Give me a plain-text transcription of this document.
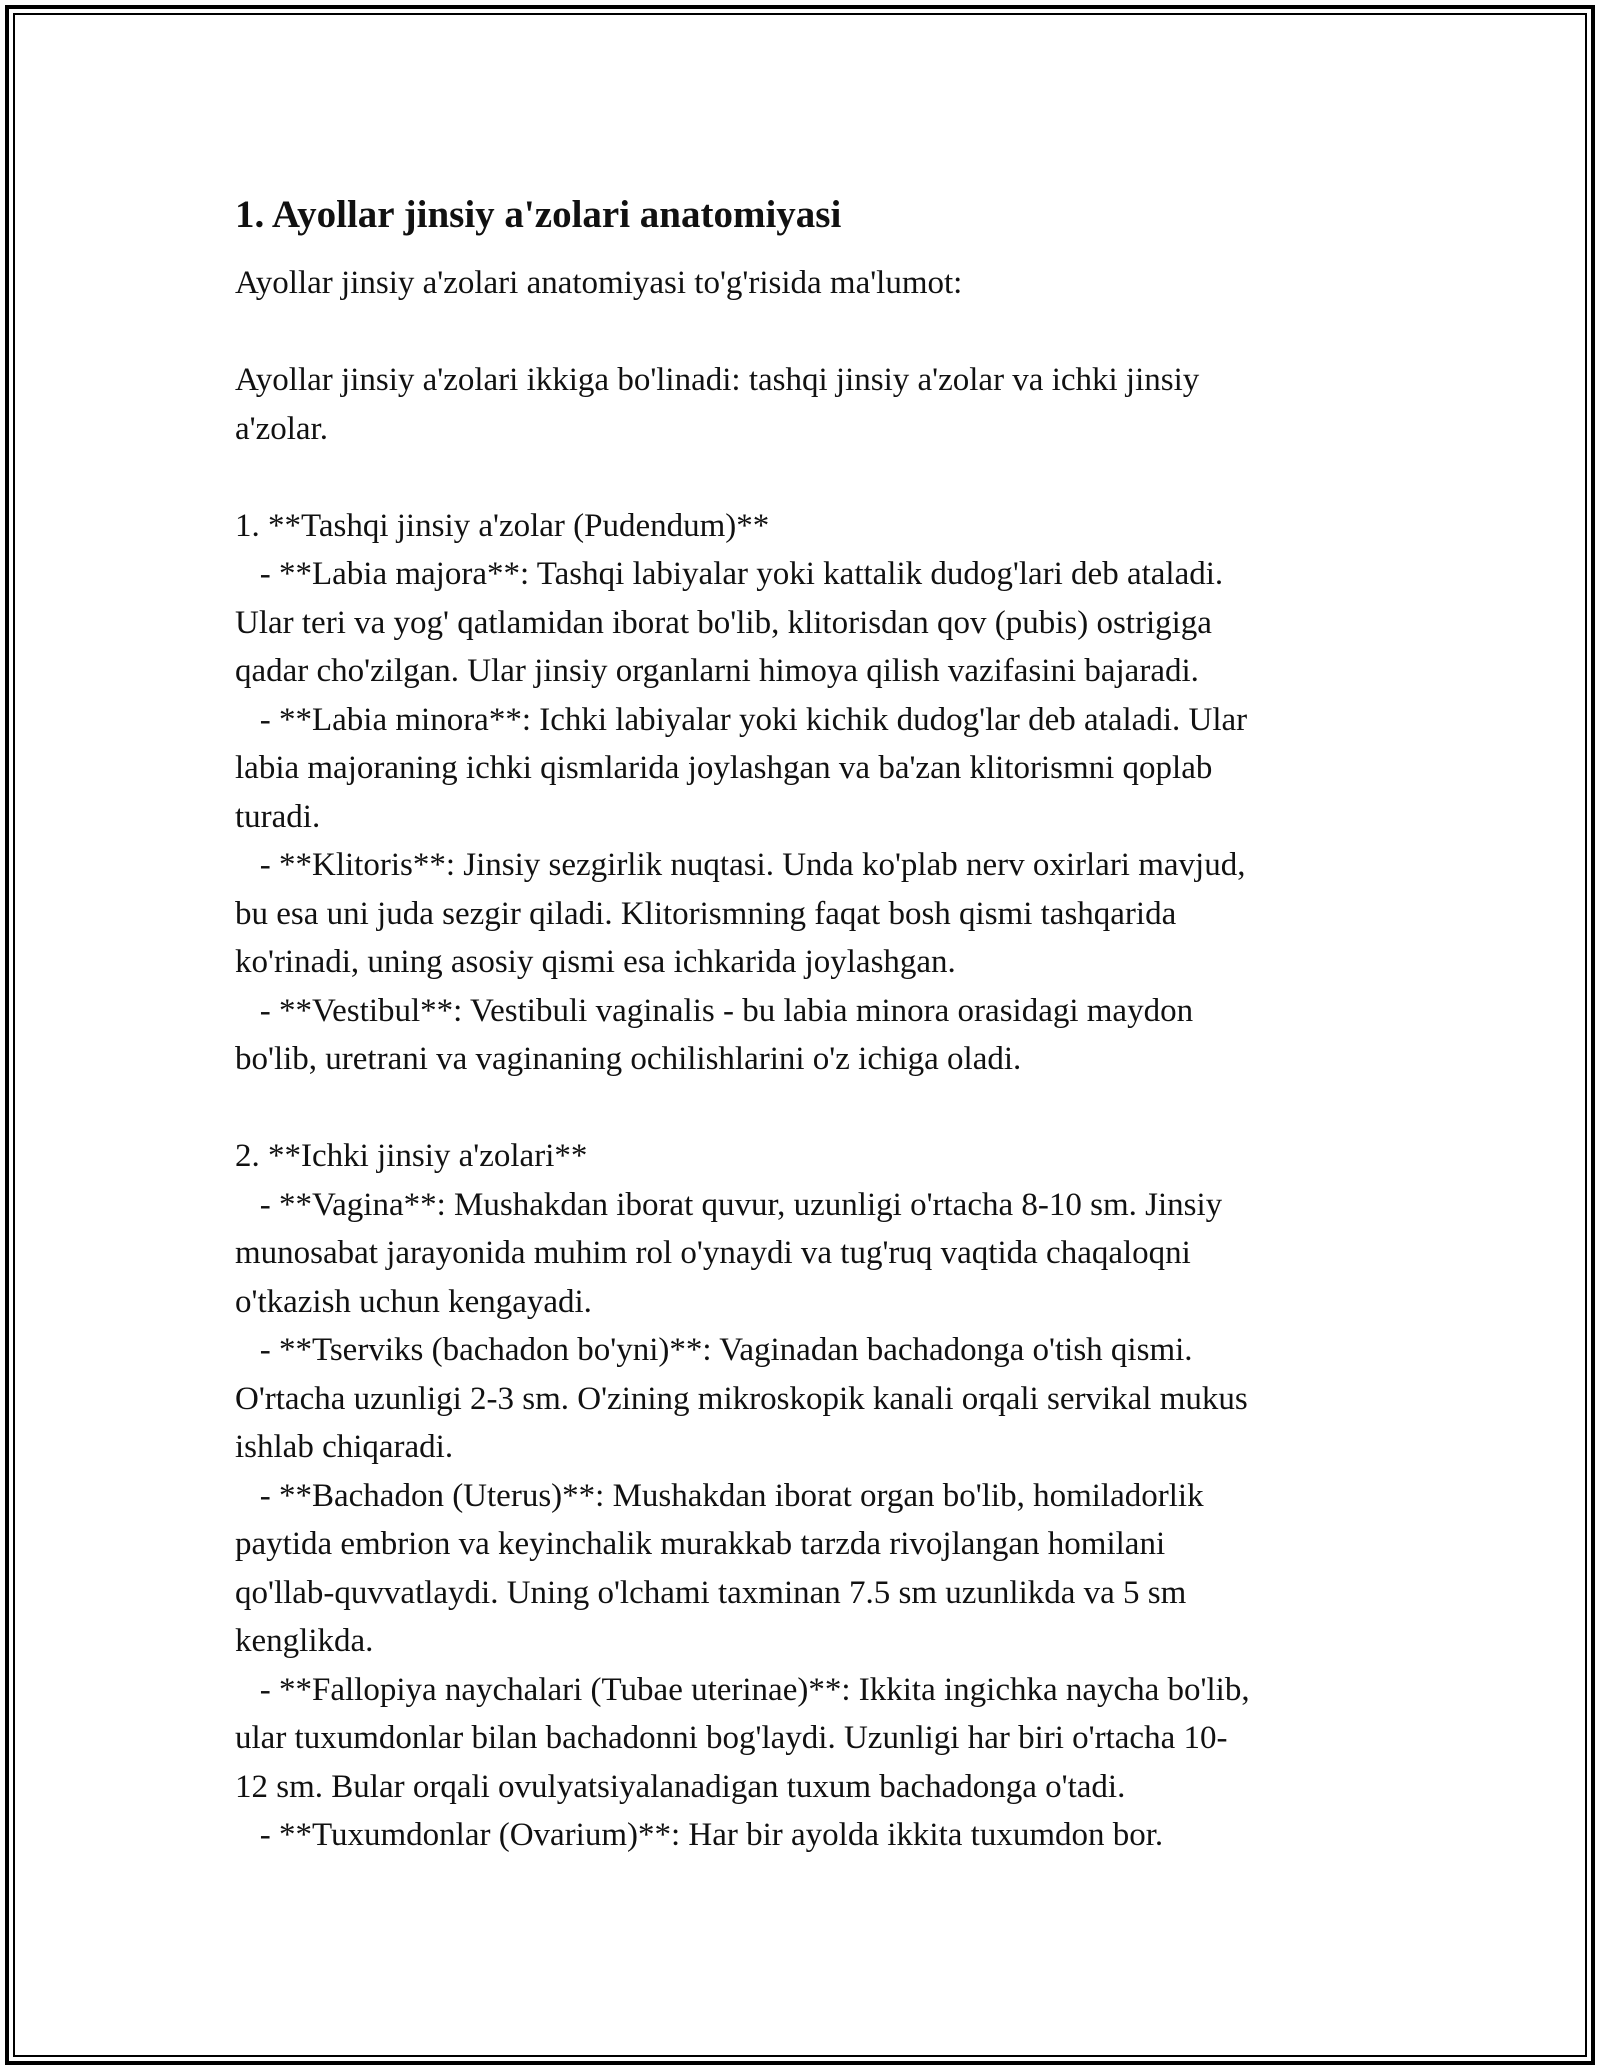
1. Ayollar jinsiy a'zolari anatomiyasi
Ayollar jinsiy a'zolari anatomiyasi to'g'risida ma'lumot:
Ayollar jinsiy a'zolari ikkiga bo'linadi: tashqi jinsiy a'zolar va ichki jinsiy
a'zolar.
1. **Tashqi jinsiy a'zolar (Pudendum)**
- **Labia majora**: Tashqi labiyalar yoki kattalik dudog'lari deb ataladi.
Ular teri va yog' qatlamidan iborat bo'lib, klitorisdan qov (pubis) ostrigiga
qadar cho'zilgan. Ular jinsiy organlarni himoya qilish vazifasini bajaradi.
- **Labia minora**: Ichki labiyalar yoki kichik dudog'lar deb ataladi. Ular
labia majoraning ichki qismlarida joylashgan va ba'zan klitorismni qoplab
turadi.
- **Klitoris**: Jinsiy sezgirlik nuqtasi. Unda ko'plab nerv oxirlari mavjud,
bu esa uni juda sezgir qiladi. Klitorismning faqat bosh qismi tashqarida
ko'rinadi, uning asosiy qismi esa ichkarida joylashgan.
- **Vestibul**: Vestibuli vaginalis - bu labia minora orasidagi maydon
bo'lib, uretrani va vaginaning ochilishlarini o'z ichiga oladi.
2. **Ichki jinsiy a'zolari**
- **Vagina**: Mushakdan iborat quvur, uzunligi o'rtacha 8-10 sm. Jinsiy
munosabat jarayonida muhim rol o'ynaydi va tug'ruq vaqtida chaqaloqni
o'tkazish uchun kengayadi.
- **Tserviks (bachadon bo'yni)**: Vaginadan bachadonga o'tish qismi.
O'rtacha uzunligi 2-3 sm. O'zining mikroskopik kanali orqali servikal mukus
ishlab chiqaradi.
- **Bachadon (Uterus)**: Mushakdan iborat organ bo'lib, homiladorlik
paytida embrion va keyinchalik murakkab tarzda rivojlangan homilani
qo'llab-quvvatlaydi. Uning o'lchami taxminan 7.5 sm uzunlikda va 5 sm
kenglikda.
- **Fallopiya naychalari (Tubae uterinae)**: Ikkita ingichka naycha bo'lib,
ular tuxumdonlar bilan bachadonni bog'laydi. Uzunligi har biri o'rtacha 10-
12 sm. Bular orqali ovulyatsiyalanadigan tuxum bachadonga o'tadi.
- **Tuxumdonlar (Ovarium)**: Har bir ayolda ikkita tuxumdon bor.
